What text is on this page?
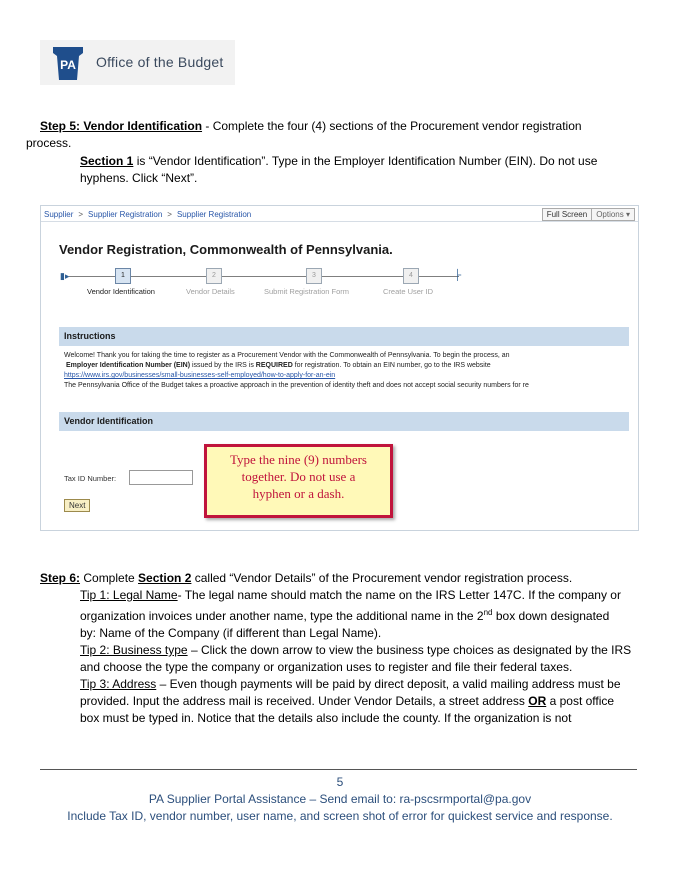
PA Office of the Budget
Step 5: Vendor Identification - Complete the four (4) sections of the Procurement vendor registration
process.
Section 1 is “Vendor Identification”. Type in the Employer Identification Number (EIN). Do not use
hyphens. Click “Next”.
Supplier > Supplier Registration > Supplier Registration	Full Screen	Options ▾
Vendor Registration, Commonwealth of Pennsylvania.
▮▸	├
1	2	3	4
Vendor Identification	Vendor Details	Submit Registration Form	Create User ID
Instructions
Welcome! Thank you for taking the time to register as a Procurement Vendor with the Commonwealth of Pennsylvania. To begin the process, an
Employer Identification Number (EIN) issued by the IRS is REQUIRED for registration. To obtain an EIN number, go to the IRS website
https://www.irs.gov/businesses/small-businesses-self-employed/how-to-apply-for-an-ein
The Pennsylvania Office of the Budget takes a proactive approach in the prevention of identity theft and does not accept social security numbers for re
Vendor Identification
Tax ID Number:
Next
Type the nine (9) numbers
together. Do not use a
hyphen or a dash.
Step 6: Complete Section 2 called “Vendor Details” of the Procurement vendor registration process.
Tip 1: Legal Name- The legal name should match the name on the IRS Letter 147C. If the company or
organization invoices under another name, type the additional name in the 2nd box down designated
by: Name of the Company (if different than Legal Name).
Tip 2: Business type – Click the down arrow to view the business type choices as designated by the IRS
and choose the type the company or organization uses to register and file their federal taxes.
Tip 3: Address – Even though payments will be paid by direct deposit, a valid mailing address must be
provided. Input the address mail is received. Under Vendor Details, a street address OR a post office
box must be typed in. Notice that the details also include the county. If the organization is not
5
PA Supplier Portal Assistance – Send email to: ra-pscsrmportal@pa.gov
Include Tax ID, vendor number, user name, and screen shot of error for quickest service and response.
